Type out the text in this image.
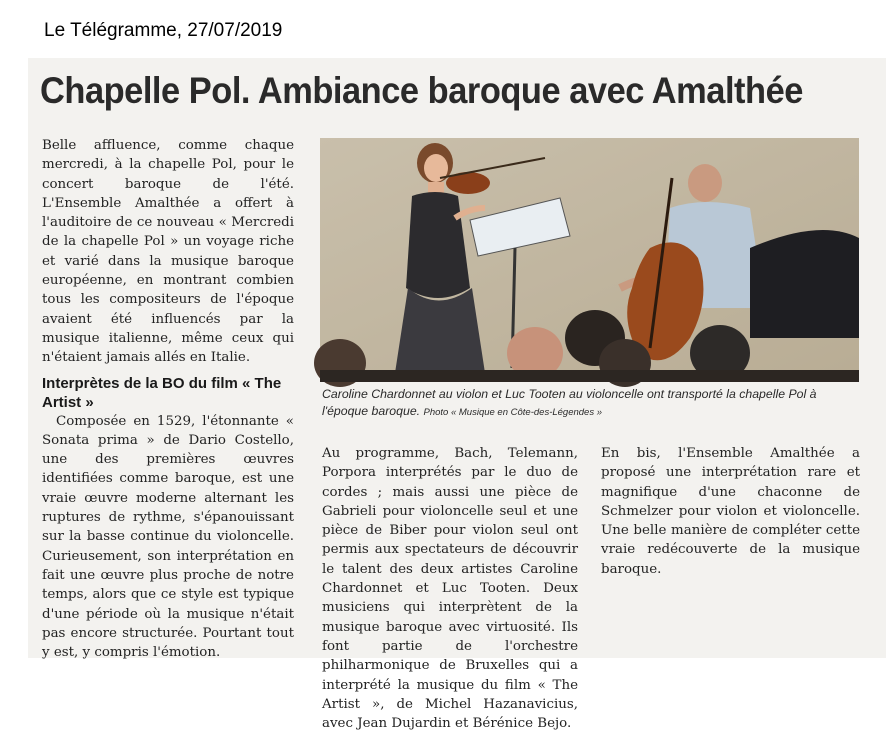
Le Télégramme, 27/07/2019
Chapelle Pol. Ambiance baroque avec Amalthée

Belle affluence, comme chaque mercredi, à la chapelle Pol, pour le concert baroque de l'été. L'Ensemble Amalthée a offert à l'auditoire de ce nouveau « Mercredi de la chapelle Pol » un voyage riche et varié dans la musique baroque européenne, en montrant combien tous les compositeurs de l'époque avaient été influencés par la musique italienne, même ceux qui n'étaient jamais allés en Italie.

Interprètes de la BO du film « The Artist »

Composée en 1529, l'étonnante « Sonata prima » de Dario Costello, une des premières œuvres identifiées comme baroque, est une vraie œuvre moderne alternant les ruptures de rythme, s'épanouissant sur la basse continue du violoncelle. Curieusement, son interprétation en fait une œuvre plus proche de notre temps, alors que ce style est typique d'une période où la musique n'était pas encore structurée. Pourtant tout y est, y compris l'émotion.

Caroline Chardonnet au violon et Luc Tooten au violoncelle ont transporté la chapelle Pol à l'époque baroque. Photo « Musique en Côte-des-Légendes »

Au programme, Bach, Telemann, Porpora interprétés par le duo de cordes ; mais aussi une pièce de Gabrieli pour violoncelle seul et une pièce de Biber pour violon seul ont permis aux spectateurs de découvrir le talent des deux artistes Caroline Chardonnet et Luc Tooten. Deux musiciens qui interprètent de la musique baroque avec virtuosité. Ils font partie de l'orchestre philharmonique de Bruxelles qui a interprété la musique du film « The Artist », de Michel Hazanavicius, avec Jean Dujardin et Bérénice Bejo.

En bis, l'Ensemble Amalthée a proposé une interprétation rare et magnifique d'une chaconne de Schmelzer pour violon et violoncelle. Une belle manière de compléter cette vraie redécouverte de la musique baroque.
